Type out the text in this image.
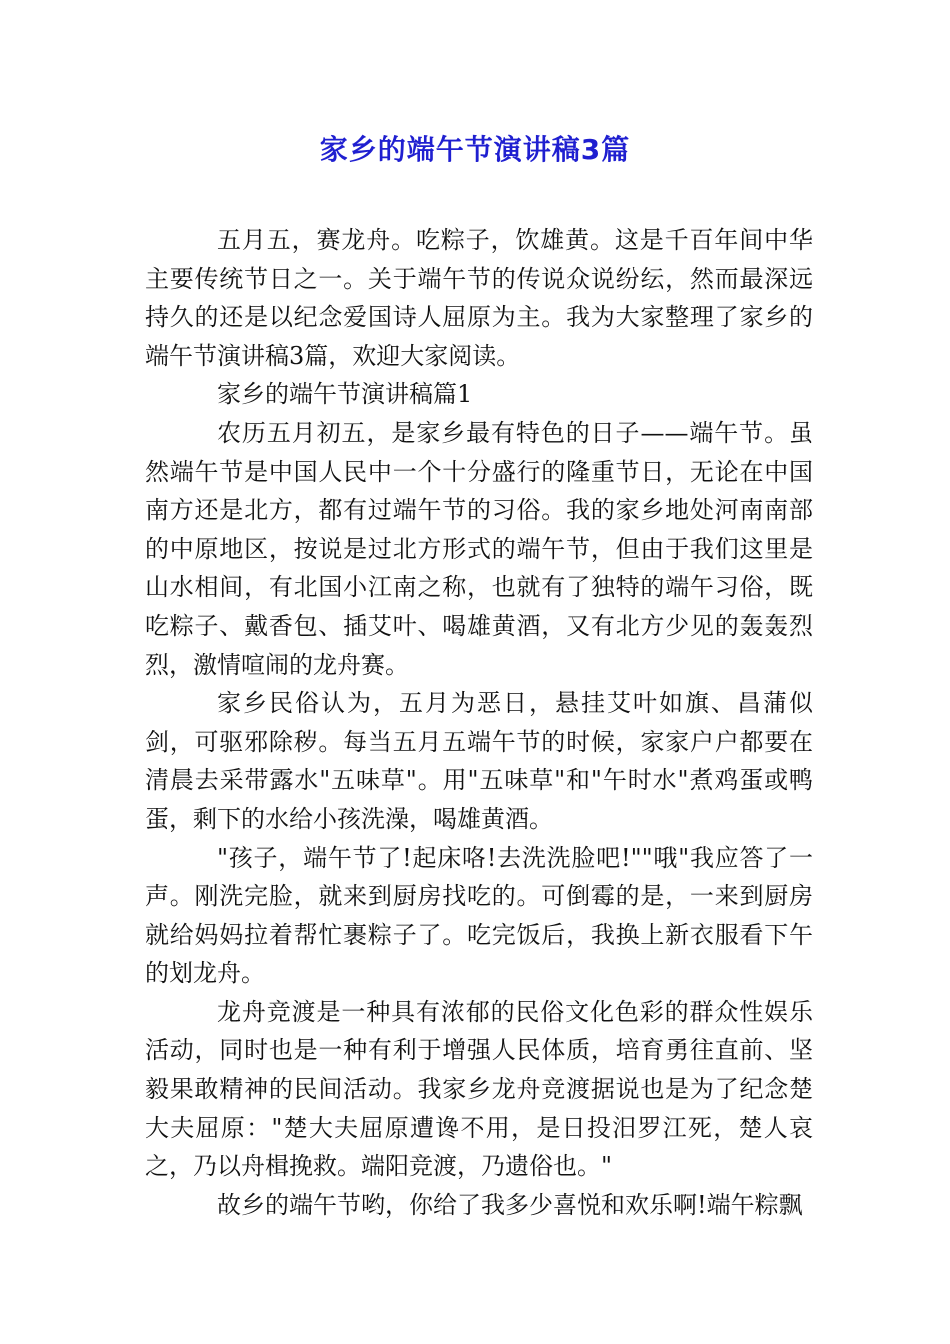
家乡的端午节演讲稿3篇

五月五，赛龙舟。吃粽子，饮雄黄。这是千百年间中华主要传统节日之一。关于端午节的传说众说纷纭，然而最深远持久的还是以纪念爱国诗人屈原为主。我为大家整理了家乡的端午节演讲稿3篇，欢迎大家阅读。

家乡的端午节演讲稿篇1

农历五月初五，是家乡最有特色的日子——端午节。虽然端午节是中国人民中一个十分盛行的隆重节日，无论在中国南方还是北方，都有过端午节的习俗。我的家乡地处河南南部的中原地区，按说是过北方形式的端午节，但由于我们这里是山水相间，有北国小江南之称，也就有了独特的端午习俗，既吃粽子、戴香包、插艾叶、喝雄黄酒，又有北方少见的轰轰烈烈，激情喧闹的龙舟赛。

家乡民俗认为，五月为恶日，悬挂艾叶如旗、昌蒲似剑，可驱邪除秽。每当五月五端午节的时候，家家户户都要在清晨去采带露水"五味草"。用"五味草"和"午时水"煮鸡蛋或鸭蛋，剩下的水给小孩洗澡，喝雄黄酒。

"孩子，端午节了!起床咯!去洗洗脸吧!""哦"我应答了一声。刚洗完脸，就来到厨房找吃的。可倒霉的是，一来到厨房就给妈妈拉着帮忙裹粽子了。吃完饭后，我换上新衣服看下午的划龙舟。

龙舟竞渡是一种具有浓郁的民俗文化色彩的群众性娱乐活动，同时也是一种有利于增强人民体质，培育勇往直前、坚毅果敢精神的民间活动。我家乡龙舟竞渡据说也是为了纪念楚大夫屈原："楚大夫屈原遭谗不用，是日投汨罗江死，楚人哀之，乃以舟楫挽救。端阳竞渡，乃遗俗也。"

故乡的端午节哟，你给了我多少喜悦和欢乐啊!端午粽飘
